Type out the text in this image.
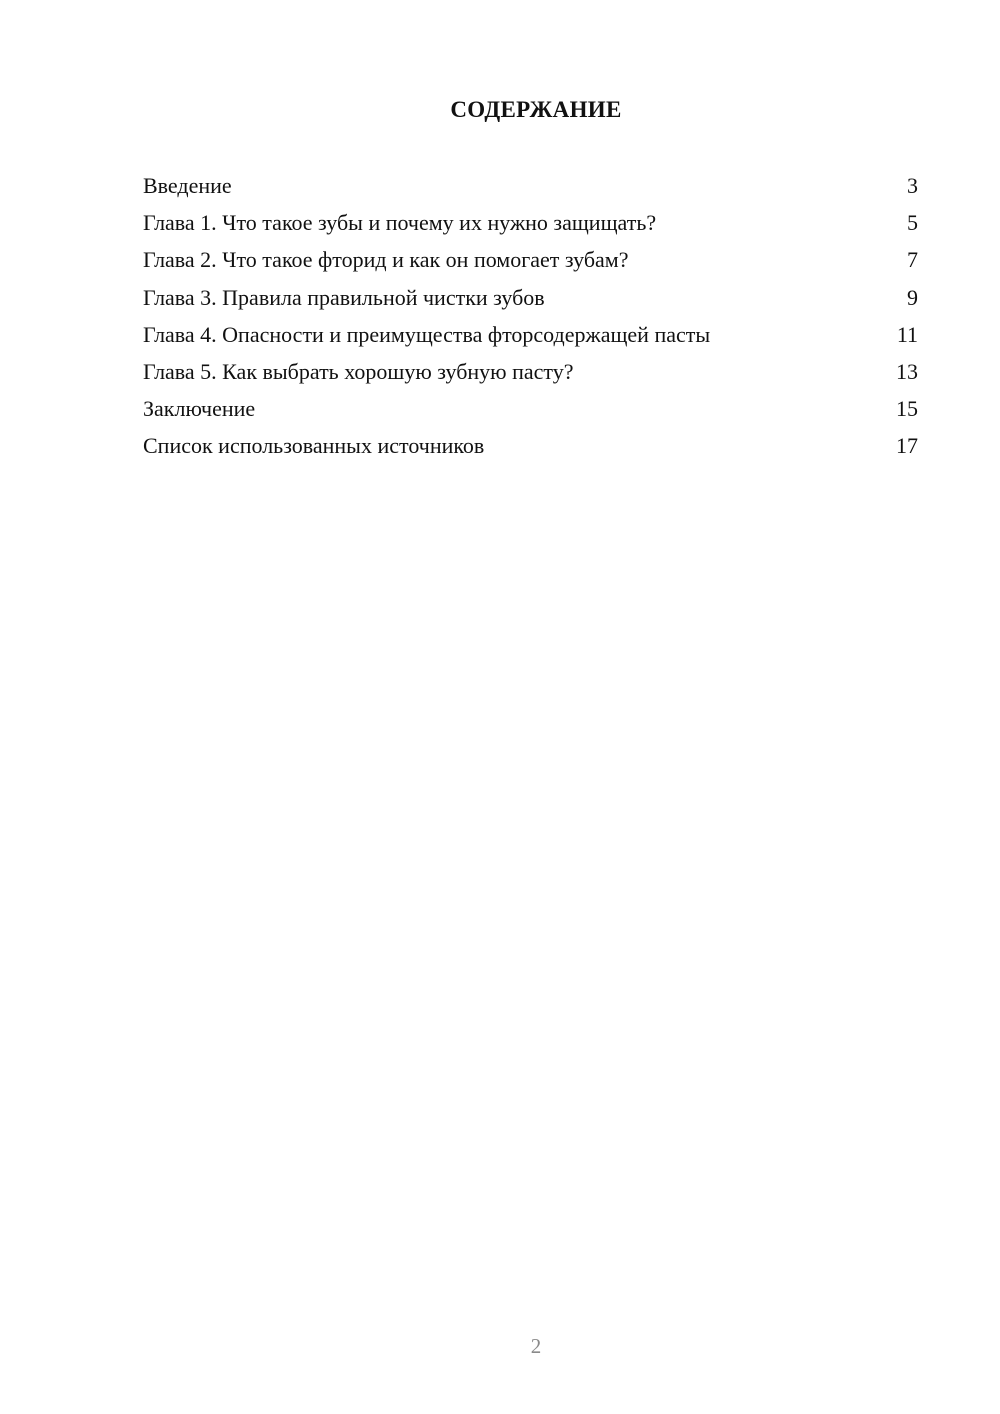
СОДЕРЖАНИЕ
Введение	3
Глава 1. Что такое зубы и почему их нужно защищать?	5
Глава 2. Что такое фторид и как он помогает зубам?	7
Глава 3. Правила правильной чистки зубов	9
Глава 4. Опасности и преимущества фторсодержащей пасты	11
Глава 5. Как выбрать хорошую зубную пасту?	13
Заключение	15
Список использованных источников	17
2
